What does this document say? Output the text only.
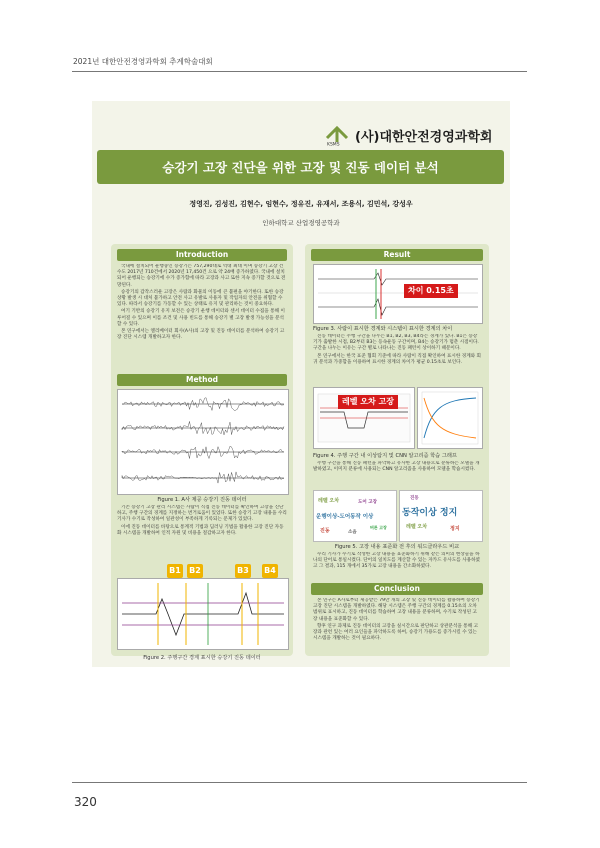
2021년 대한안전경영과학회 추계학술대회
KSMS (사)대한안전경영과학회
승강기 고장 진단을 위한 고장 및 진동 데이터 분석
정영진, 김성진, 김현수, 임현수, 정유진, 유재서, 조용식, 김민석, 강성우
인하대학교 산업경영공학과
Introduction

국내에 설치되어 운행중인 승강기는 757,290대로 역대 최대 이며 승강기 고장 건수도 2017년 710건에서 2020년 17,450건 으로 약 24배 증가하였다. 국내에 설치되어 운행되는 승강기에 수가 증가함에 따라 고장과 사고 또한 지속 증가할 것으로 전망된다.

승강기의 갑작스러운 고장은 사람과 화물의 이동에 큰 불편을 야기한다. 또한 승강 상황 발생 시 대처 불가하고 안전 사고 유발로 사용자 및 작업자의 안전을 위협할 수 있다. 따라서 승강기를 가동할 수 있는 상태로 유지 및 관리하는 것이 중요하다.

여기 기반의 승강기 유지 보전은 승강기 운행 데이터와 센서 데이터 수집을 통해 이루어질 수 있으며 이를 조건 및 사용 빈도를 통해 승강기 별 고장 발생 가능성을 분석할 수 있다.

본 연구에서는 엘리베이터 회사(A사)의 고장 및 진동 데이터를 분석하여 승강기 고장 진단 시스템 개발하고자 한다.

Method
Figure 1. A사 제공 승강기 진동 데이터

기존 승강기 고장 관리 시스템은 사람이 직접 진동 데이터를 확인하여 고장을 진단하고, 주행 구간의 경계를 지정하는 번거로움이 있었다. 또한 승강기 고장 내용을 수리 기사가 수기로 작성하여 일관성이 부족하게 기록되는 문제가 있었다.

이에 진동 데이터를 바탕으로 통계적 기법과 딥러닝 기법을 활용한 고장 진단 자동화 시스템을 개발하여 인적 자원 및 비용을 절감하고자 한다.

B1 B2	B3 B4
Figure 2. 주행구간 경계 표시한 승강기 진동 데이터
Result
차이 0.15초
Figure 3. 사람이 표시한 경계와 시스템이 표시한 경계의 차이

진동 데이터는 주행 구간을 나누는 B1, B2, B3, B4라는 경계가 있다. B1은 승강기가 출발한 시점, B2부터 B3는 등속운동 구간이며, B4는 승강기가 멈춘 시점이다. 구간을 나누는 이유는 구간 별로 나타나는 진동 패턴이 상이하기 때문이다.

본 연구에서는 한국 표준 협회 기준에 따라 사람이 직접 확인하여 표시한 경계와 회귀 분석과 가중합을 이용하여 표시한 경계의 차이가 평균 0.15초로 보인다.

레벨 오차 고장
Figure 4. 주행 구간 내 이상탐지 및 CNN 알고리즘 학습 그래프

주행 구간을 통해 진동 패턴을 파악하고 유사한 고장 내용으로 분류하는 모델을 개발하였고, 이미지 분류에 사용되는 CNN 알고리즘을 사용하여 모델을 학습시켰다.

운행이상-도어동작 이상
레벨 오차	도어 고장
진동	소음
버튼 고장
동작이상 정지
레벨 오차	정지
진동
Figure 5. 고장 내용 표준화 전 후의 워드클라우드 비교

수리 기사가 수기로 작성한 고장 내용을 표준화하기 위해 같은 의미의 현상들을 하나의 단어로 통일시켰다. 단어의 일치도를 계산할 수 있는 자카드 유사도를 사용하였고 그 결과, 115 개에서 35가로 고장 내용을 간소화하였다.

Conclusion

본 연구는 A사로부터 제공받은 79만 개의 고장 및 진동 데이터를 활용하여 승강기 고장 진단 시스템을 개발하였다. 해당 시스템은 주행 구간의 경계를 0.15초의 오차 범위로 표시하고, 진동 데이터를 학습하여 고장 내용을 분류하며, 수기로 작성된 고장 내용을 표준화할 수 있다.

향후 연구 과제로 진동 데이터의 고장을 실시간으로 판단하고 상관분석을 통해 고장과 관련 있는 여러 요인들을 파악하도록 하여, 승강기 가용도를 증가시킬 수 있는 시스템을 개발하는 것이 필요하다.

320
